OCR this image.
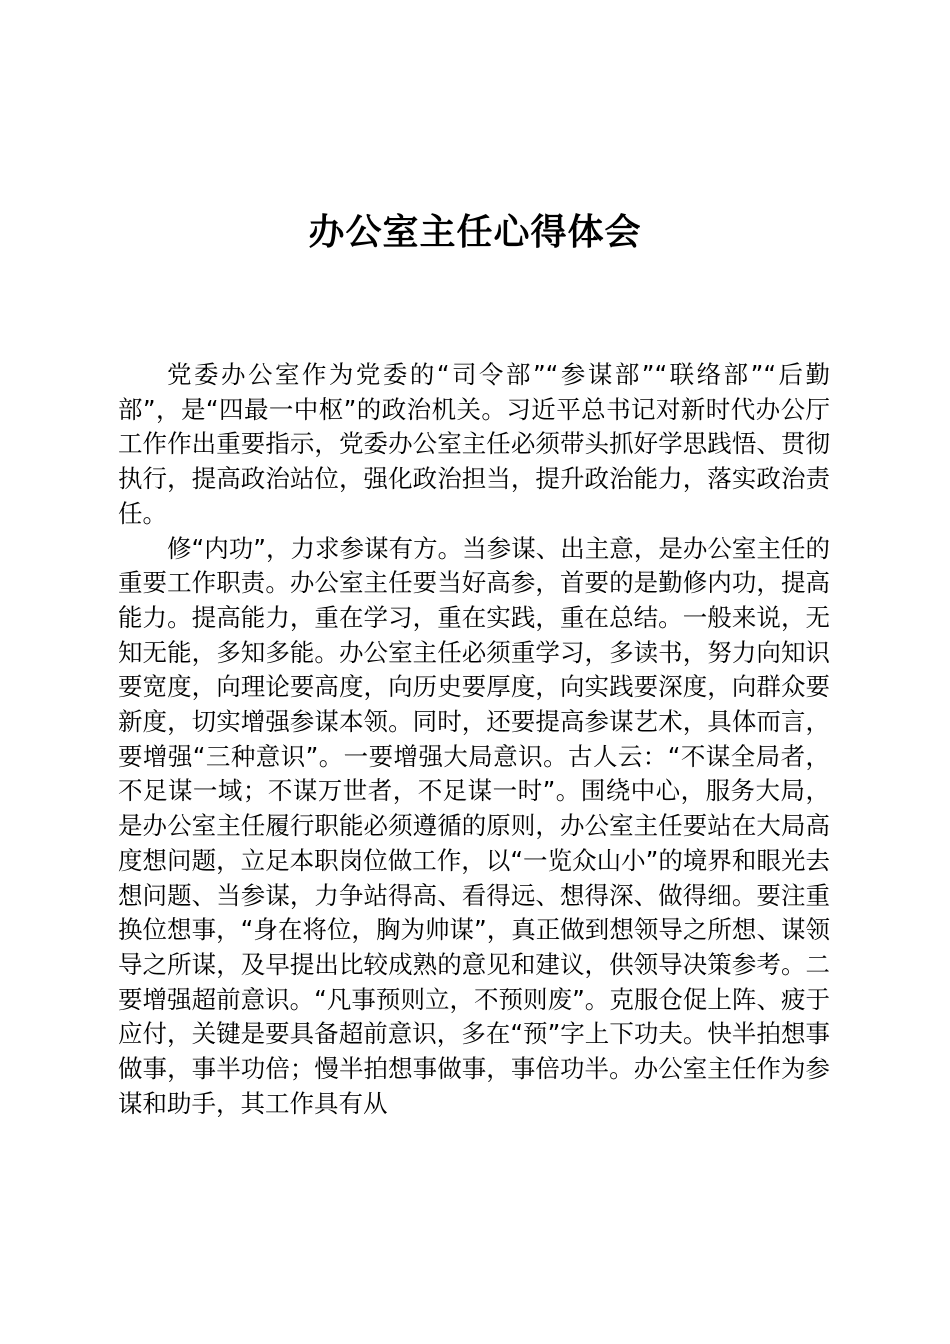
办公室主任心得体会

党委办公室作为党委的“司令部”“参谋部”“联络部”“后勤部”，是“四最一中枢”的政治机关。习近平总书记对新时代办公厅工作作出重要指示，党委办公室主任必须带头抓好学思践悟、贯彻执行，提高政治站位，强化政治担当，提升政治能力，落实政治责任。

修“内功”，力求参谋有方。当参谋、出主意，是办公室主任的重要工作职责。办公室主任要当好高参，首要的是勤修内功，提高能力。提高能力，重在学习，重在实践，重在总结。一般来说，无知无能，多知多能。办公室主任必须重学习，多读书，努力向知识要宽度，向理论要高度，向历史要厚度，向实践要深度，向群众要新度，切实增强参谋本领。同时，还要提高参谋艺术，具体而言，要增强“三种意识”。一要增强大局意识。古人云：“不谋全局者，不足谋一域；不谋万世者，不足谋一时”。围绕中心，服务大局，是办公室主任履行职能必须遵循的原则，办公室主任要站在大局高度想问题，立足本职岗位做工作，以“一览众山小”的境界和眼光去想问题、当参谋，力争站得高、看得远、想得深、做得细。要注重换位想事，“身在将位，胸为帅谋”，真正做到想领导之所想、谋领导之所谋，及早提出比较成熟的意见和建议，供领导决策参考。二要增强超前意识。“凡事预则立，不预则废”。克服仓促上阵、疲于应付，关键是要具备超前意识，多在“预”字上下功夫。快半拍想事做事，事半功倍；慢半拍想事做事，事倍功半。办公室主任作为参谋和助手，其工作具有从
